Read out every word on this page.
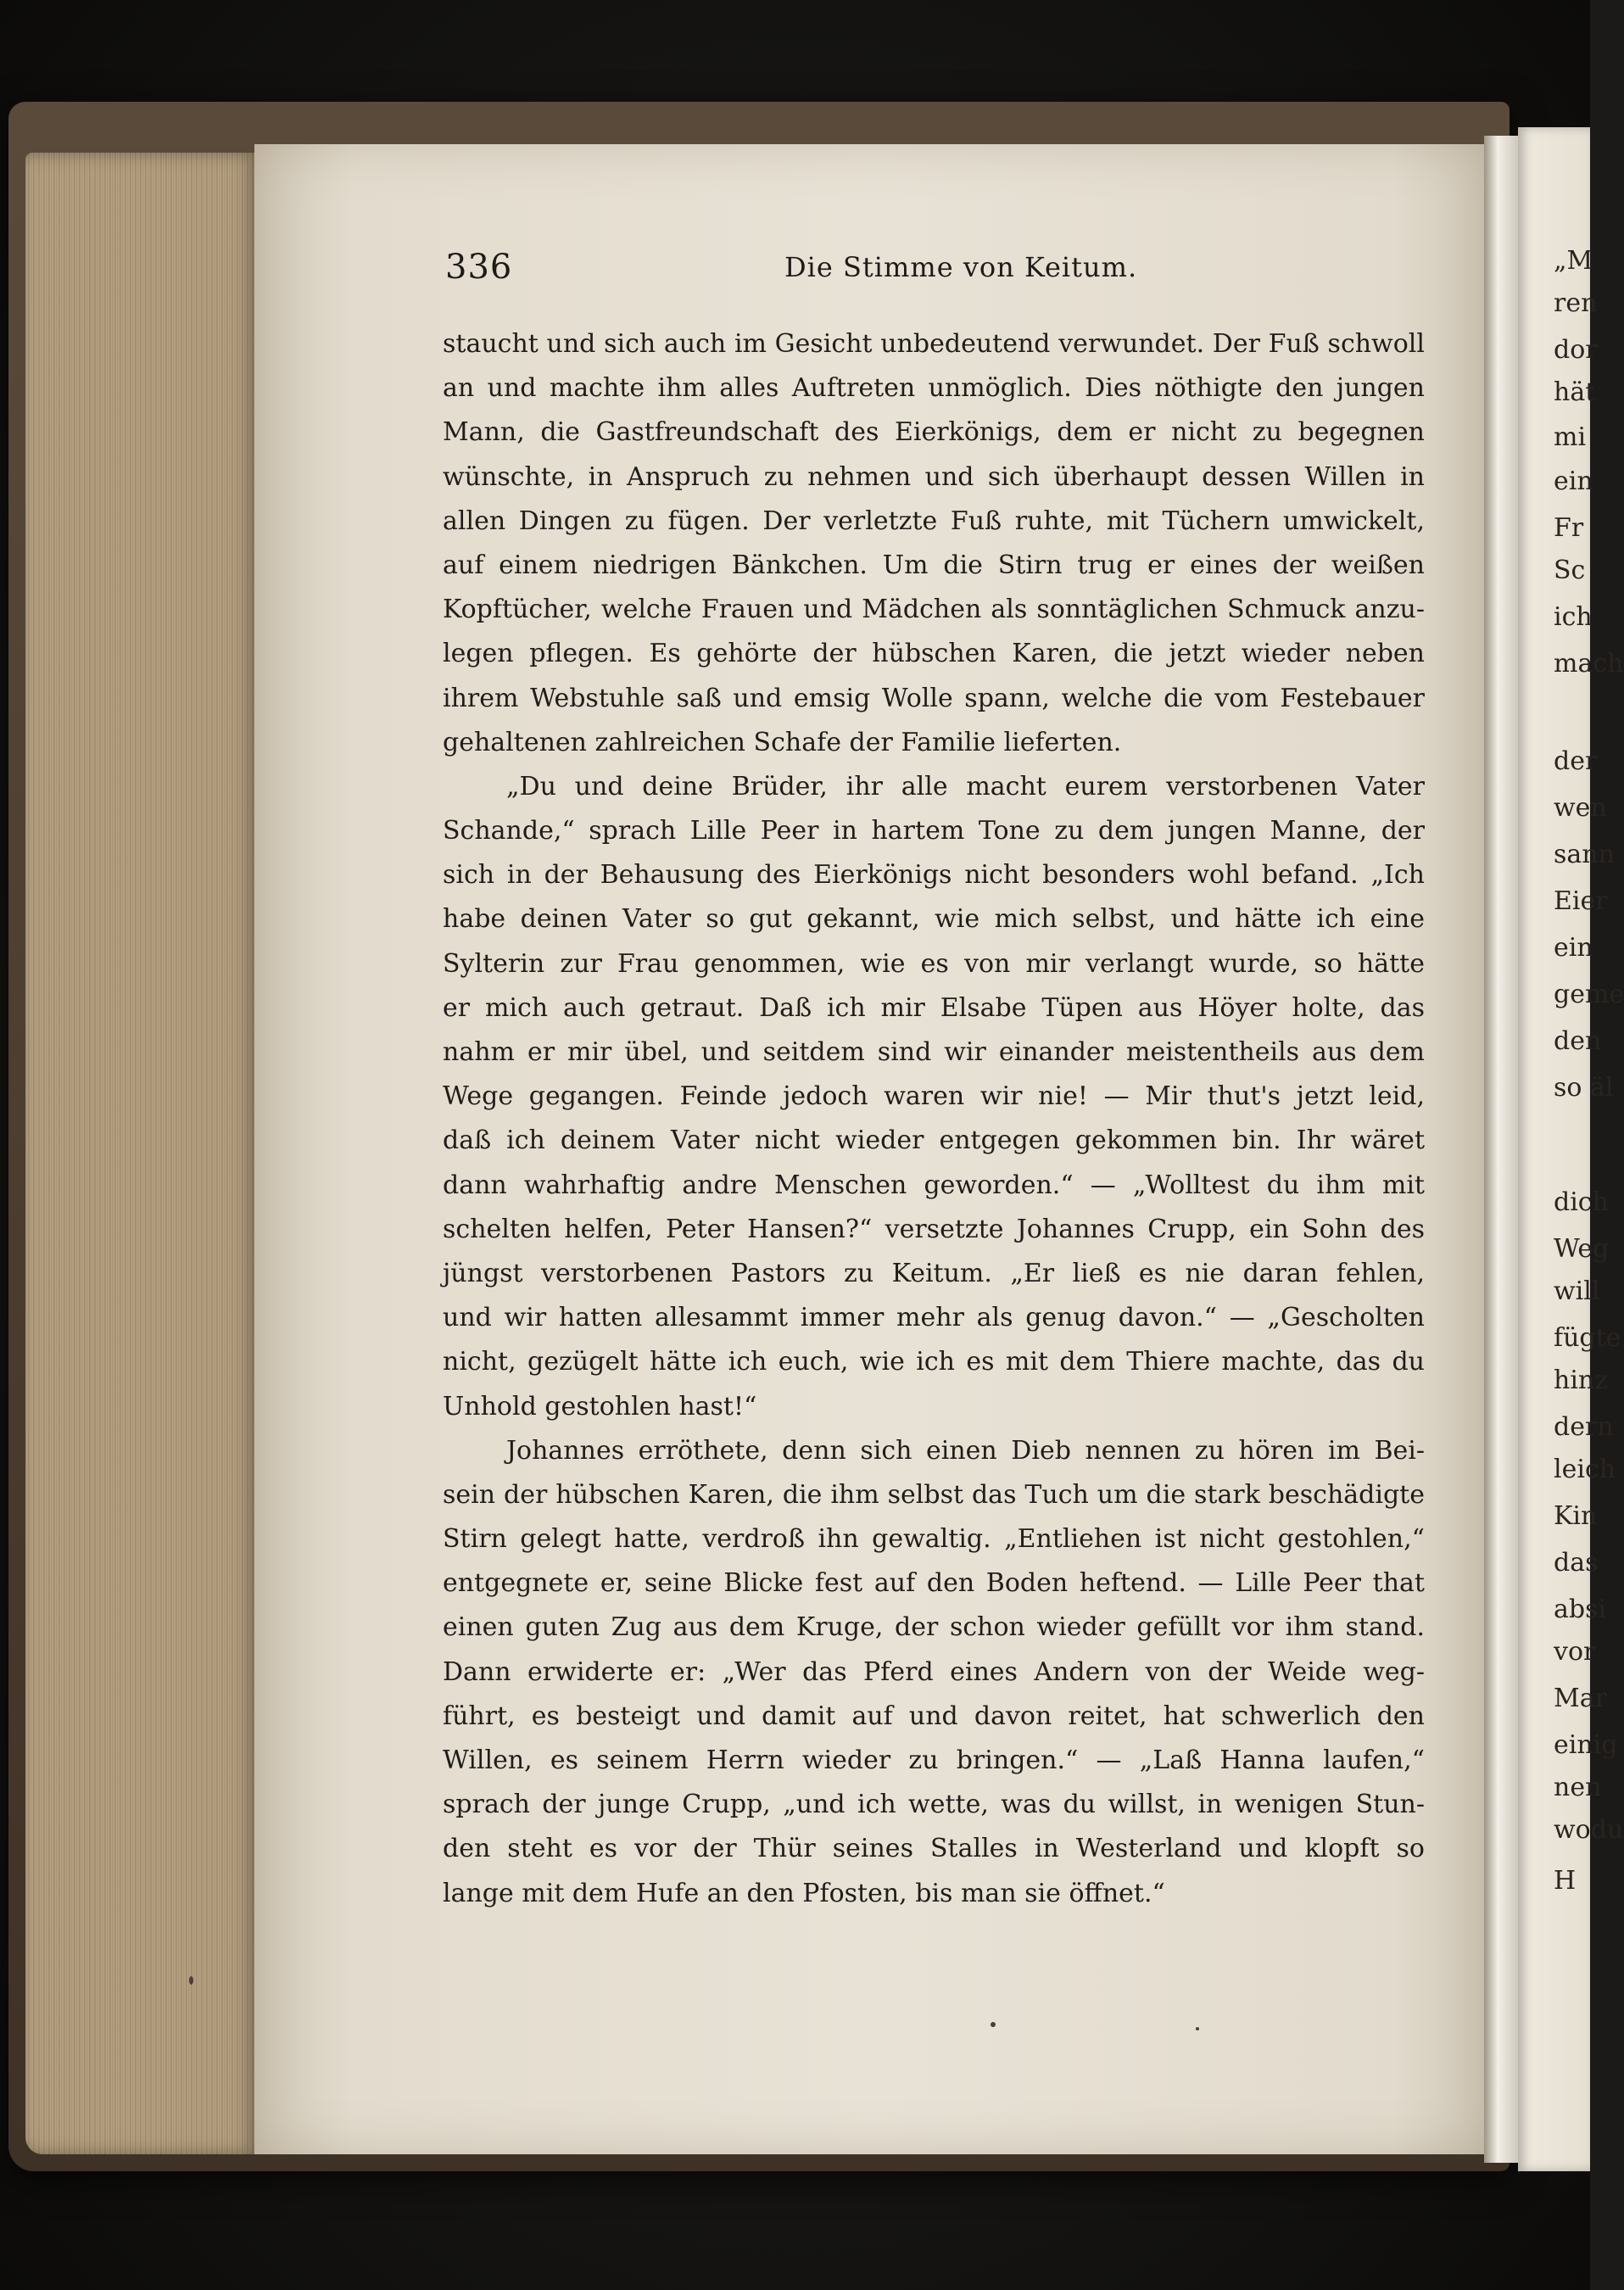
„M
ren
dor
hät
mi
ein
Fr
Sc
ich
mach
der
wen
sann
Eier
ein
geme
den
so äl
dich
Weg
will
fügte
hinz
dern
leich
Kin
das
absi
vor
Mar
einig
nen
wodu
H
336	Die Stimme von Keitum.
staucht und sich auch im Gesicht unbedeutend verwundet. Der Fuß schwoll
an und machte ihm alles Auftreten unmöglich. Dies nöthigte den jungen
Mann, die Gastfreundschaft des Eierkönigs, dem er nicht zu begegnen
wünschte, in Anspruch zu nehmen und sich überhaupt dessen Willen in
allen Dingen zu fügen. Der verletzte Fuß ruhte, mit Tüchern umwickelt,
auf einem niedrigen Bänkchen. Um die Stirn trug er eines der weißen
Kopftücher, welche Frauen und Mädchen als sonntäglichen Schmuck anzu-
legen pflegen. Es gehörte der hübschen Karen, die jetzt wieder neben
ihrem Webstuhle saß und emsig Wolle spann, welche die vom Festebauer
gehaltenen zahlreichen Schafe der Familie lieferten.
„Du und deine Brüder, ihr alle macht eurem verstorbenen Vater
Schande,“ sprach Lille Peer in hartem Tone zu dem jungen Manne, der
sich in der Behausung des Eierkönigs nicht besonders wohl befand. „Ich
habe deinen Vater so gut gekannt, wie mich selbst, und hätte ich eine
Sylterin zur Frau genommen, wie es von mir verlangt wurde, so hätte
er mich auch getraut. Daß ich mir Elsabe Tüpen aus Höyer holte, das
nahm er mir übel, und seitdem sind wir einander meistentheils aus dem
Wege gegangen. Feinde jedoch waren wir nie! — Mir thut's jetzt leid,
daß ich deinem Vater nicht wieder entgegen gekommen bin. Ihr wäret
dann wahrhaftig andre Menschen geworden.“ — „Wolltest du ihm mit
schelten helfen, Peter Hansen?“ versetzte Johannes Crupp, ein Sohn des
jüngst verstorbenen Pastors zu Keitum. „Er ließ es nie daran fehlen,
und wir hatten allesammt immer mehr als genug davon.“ — „Gescholten
nicht, gezügelt hätte ich euch, wie ich es mit dem Thiere machte, das du
Unhold gestohlen hast!“
Johannes erröthete, denn sich einen Dieb nennen zu hören im Bei-
sein der hübschen Karen, die ihm selbst das Tuch um die stark beschädigte
Stirn gelegt hatte, verdroß ihn gewaltig. „Entliehen ist nicht gestohlen,“
entgegnete er, seine Blicke fest auf den Boden heftend. — Lille Peer that
einen guten Zug aus dem Kruge, der schon wieder gefüllt vor ihm stand.
Dann erwiderte er: „Wer das Pferd eines Andern von der Weide weg-
führt, es besteigt und damit auf und davon reitet, hat schwerlich den
Willen, es seinem Herrn wieder zu bringen.“ — „Laß Hanna laufen,“
sprach der junge Crupp, „und ich wette, was du willst, in wenigen Stun-
den steht es vor der Thür seines Stalles in Westerland und klopft so
lange mit dem Hufe an den Pfosten, bis man sie öffnet.“
